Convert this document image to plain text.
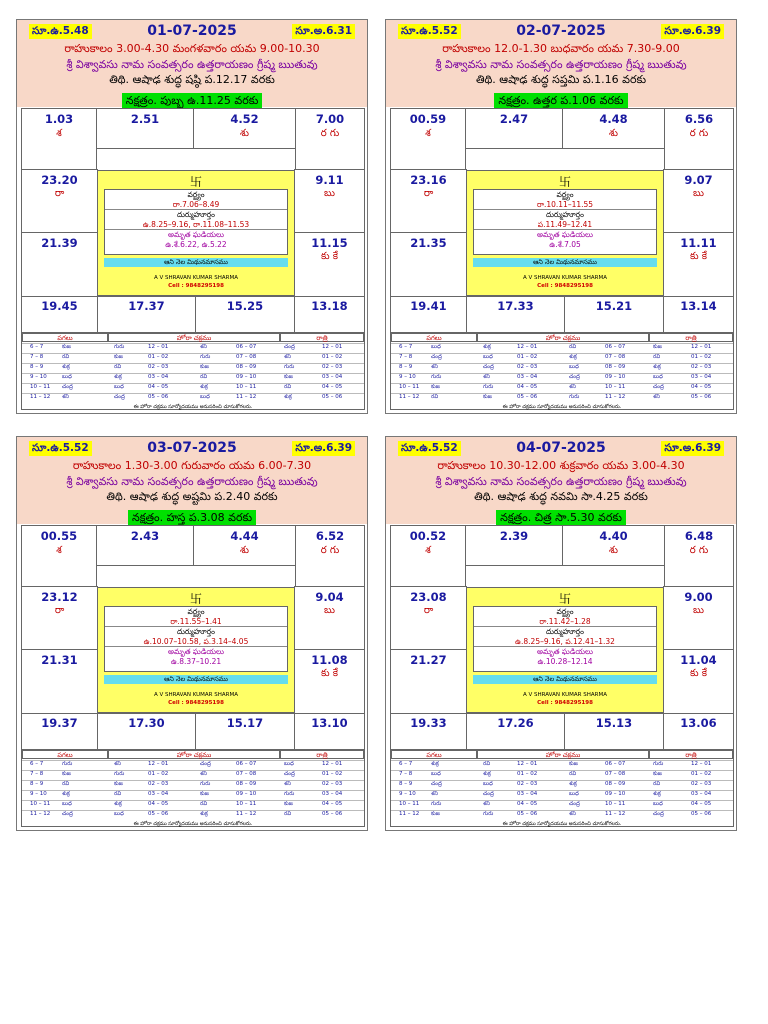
సూ.ఉ.5.48	01-07-2025	సూ.అ.6.31
రాహుకాలం 3.00-4.30 మంగళవారం యమ 9.00-10.30
శ్రీ విశ్వావసు నామ సంవత్సరం ఉత్తరాయణం గ్రీష్మ ఋతువు
తిథి. ఆషాఢ శుద్ధ షష్ఠి ప.12.17 వరకు
నక్షత్రం. పుబ్బ ఉ.11.25 వరకు
1.03
శ
2.51	4.52
శు
7.00
ర గు
23.20
రా
21.39
9.11
బు
11.15
కు కే
19.45	17.37	15.25	13.18
卐
వర్జ్యం
రా.7.06–8.49
దుర్ముహూర్తం
ఉ.8.25–9.16, రా.11.08–11.53
అమృత ఘడియలు
ఉ.శే.6.22, ఉ.5.22
ఆని నెల మిథునమాసము
A V SHRAVAN KUMAR SHARMA
Cell : 9848295198
పగలు	హోరా చక్రము	రాత్రి
6 – 7	కుజ	గురు	12 – 01	శని	06 – 07	చంద్ర	12 – 01
7 – 8	రవి	కుజ	01 – 02	గురు	07 – 08	శని	01 – 02
8 – 9	శుక్ర	రవి	02 – 03	కుజ	08 – 09	గురు	02 – 03
9 – 10	బుధ	శుక్ర	03 – 04	రవి	09 – 10	కుజ	03 – 04
10 – 11 చంద్ర	బుధ	04 – 05	శుక్ర	10 – 11	రవి	04 – 05
11 – 12 శని	చంద్ర	05 – 06	బుధ	11 – 12	శుక్ర	05 – 06
ఈ హోరా చక్రము సూర్యోదయము అనుసరించి చూసుకోగలరు.
సూ.ఉ.5.52	02-07-2025	సూ.అ.6.39
రాహుకాలం 12.0-1.30 బుధవారం యమ 7.30-9.00
శ్రీ విశ్వావసు నామ సంవత్సరం ఉత్తరాయణం గ్రీష్మ ఋతువు
తిథి. ఆషాఢ శుద్ధ సప్తమి ప.1.16 వరకు
నక్షత్రం. ఉత్తర ప.1.06 వరకు
00.59
శ
2.47	4.48
శు
6.56
ర గు
23.16
రా
21.35
9.07
బు
11.11
కు కే
19.41	17.33	15.21	13.14
卐
వర్జ్యం
రా.10.11–11.55
దుర్ముహూర్తం
ప.11.49–12.41
అమృత ఘడియలు
ఉ.శే.7.05
ఆని నెల మిథునమాసము
A V SHRAVAN KUMAR SHARMA
Cell : 9848295198
పగలు	హోరా చక్రము	రాత్రి
6 – 7	బుధ	శుక్ర	12 – 01	రవి	06 – 07	కుజ	12 – 01
7 – 8	చంద్ర	బుధ	01 – 02	శుక్ర	07 – 08	రవి	01 – 02
8 – 9	శని	చంద్ర	02 – 03	బుధ	08 – 09	శుక్ర	02 – 03
9 – 10	గురు	శని	03 – 04	చంద్ర	09 – 10	బుధ	03 – 04
10 – 11 కుజ	గురు	04 – 05	శని	10 – 11	చంద్ర	04 – 05
11 – 12 రవి	కుజ	05 – 06	గురు	11 – 12	శని	05 – 06
ఈ హోరా చక్రము సూర్యోదయము అనుసరించి చూసుకోగలరు.
సూ.ఉ.5.52	03-07-2025	సూ.అ.6.39
రాహుకాలం 1.30-3.00 గురువారం యమ 6.00-7.30
శ్రీ విశ్వావసు నామ సంవత్సరం ఉత్తరాయణం గ్రీష్మ ఋతువు
తిథి. ఆషాఢ శుద్ధ అష్టమి ప.2.40 వరకు
నక్షత్రం. హస్త ప.3.08 వరకు
00.55
శ
2.43	4.44
శు
6.52
ర గు
23.12
రా
21.31
9.04
బు
11.08
కు కే
19.37	17.30	15.17	13.10
卐
వర్జ్యం
రా.11.55–1.41
దుర్ముహూర్తం
ఉ.10.07–10.58, ప.3.14–4.05
అమృత ఘడియలు
ఉ.8.37–10.21
ఆని నెల మిథునమాసము
A V SHRAVAN KUMAR SHARMA
Cell : 9848295198
పగలు	హోరా చక్రము	రాత్రి
6 – 7	గురు	శని	12 – 01	చంద్ర	06 – 07	బుధ	12 – 01
7 – 8	కుజ	గురు	01 – 02	శని	07 – 08	చంద్ర	01 – 02
8 – 9	రవి	కుజ	02 – 03	గురు	08 – 09	శని	02 – 03
9 – 10	శుక్ర	రవి	03 – 04	కుజ	09 – 10	గురు	03 – 04
10 – 11 బుధ	శుక్ర	04 – 05	రవి	10 – 11	కుజ	04 – 05
11 – 12 చంద్ర	బుధ	05 – 06	శుక్ర	11 – 12	రవి	05 – 06
ఈ హోరా చక్రము సూర్యోదయము అనుసరించి చూసుకోగలరు.
సూ.ఉ.5.52	04-07-2025	సూ.అ.6.39
రాహుకాలం 10.30-12.00 శుక్రవారం యమ 3.00-4.30
శ్రీ విశ్వావసు నామ సంవత్సరం ఉత్తరాయణం గ్రీష్మ ఋతువు
తిథి. ఆషాఢ శుద్ధ నవమి సా.4.25 వరకు
నక్షత్రం. చిత్ర సా.5.30 వరకు
00.52
శ
2.39	4.40
శు
6.48
ర గు
23.08
రా
21.27
9.00
బు
11.04
కు కే
19.33	17.26	15.13	13.06
卐
వర్జ్యం
రా.11.42–1.28
దుర్ముహూర్తం
ఉ.8.25–9.16, ప.12.41–1.32
అమృత ఘడియలు
ఉ.10.28–12.14
ఆని నెల మిథునమాసము
A V SHRAVAN KUMAR SHARMA
Cell : 9848295198
పగలు	హోరా చక్రము	రాత్రి
6 – 7	శుక్ర	రవి	12 – 01	కుజ	06 – 07	గురు	12 – 01
7 – 8	బుధ	శుక్ర	01 – 02	రవి	07 – 08	కుజ	01 – 02
8 – 9	చంద్ర	బుధ	02 – 03	శుక్ర	08 – 09	రవి	02 – 03
9 – 10	శని	చంద్ర	03 – 04	బుధ	09 – 10	శుక్ర	03 – 04
10 – 11 గురు	శని	04 – 05	చంద్ర	10 – 11	బుధ	04 – 05
11 – 12 కుజ	గురు	05 – 06	శని	11 – 12	చంద్ర	05 – 06
ఈ హోరా చక్రము సూర్యోదయము అనుసరించి చూసుకోగలరు.
